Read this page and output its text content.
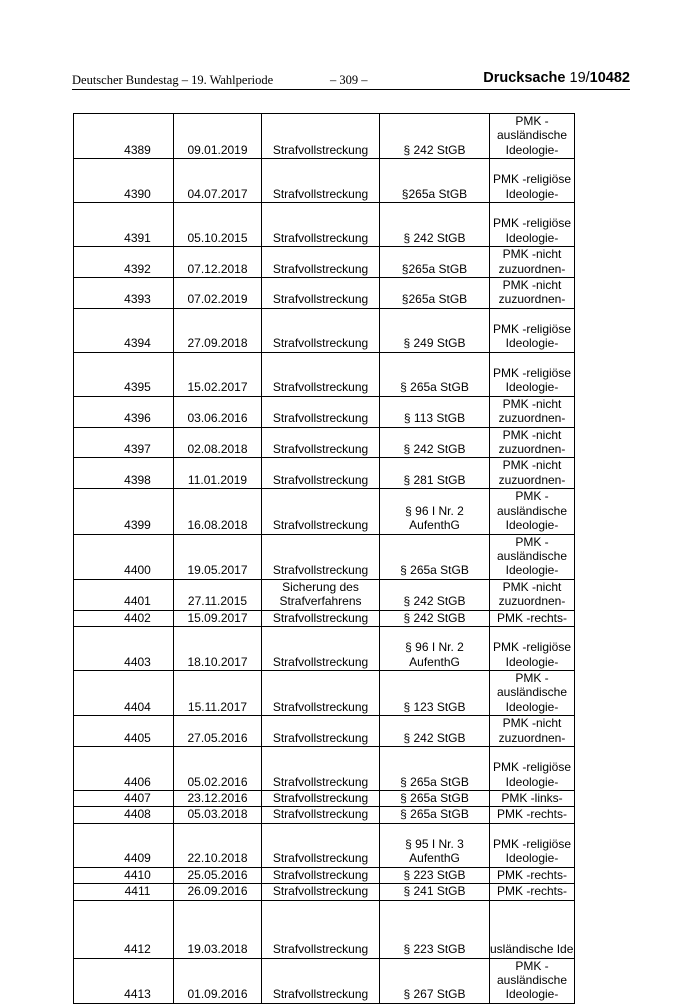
Deutscher Bundestag – 19. Wahlperiode	– 309 –	Drucksache 19/10482
4389	09.01.2019	Strafvollstreckung	§ 242 StGB	PMK -
ausländische
Ideologie-

4390	04.07.2017	Strafvollstreckung	§265a StGB	PMK -religiöse
Ideologie-

4391	05.10.2015	Strafvollstreckung	§ 242 StGB	PMK -religiöse
Ideologie-

4392	07.12.2018	Strafvollstreckung	§265a StGB	PMK -nicht
zuzuordnen-

4393	07.02.2019	Strafvollstreckung	§265a StGB	PMK -nicht
zuzuordnen-

4394	27.09.2018	Strafvollstreckung	§ 249 StGB	PMK -religiöse
Ideologie-

4395	15.02.2017	Strafvollstreckung	§ 265a StGB	PMK -religiöse
Ideologie-

4396	03.06.2016	Strafvollstreckung	§ 113 StGB	PMK -nicht
zuzuordnen-

4397	02.08.2018	Strafvollstreckung	§ 242 StGB	PMK -nicht
zuzuordnen-

4398	11.01.2019	Strafvollstreckung	§ 281 StGB	PMK -nicht
zuzuordnen-

4399	16.08.2018	Strafvollstreckung	§ 96 I Nr. 2
AufenthG	PMK -
ausländische
Ideologie-

4400	19.05.2017	Strafvollstreckung	§ 265a StGB	PMK -
ausländische
Ideologie-

4401	27.11.2015	Sicherung des
Strafverfahrens	§ 242 StGB	PMK -nicht
zuzuordnen-

4402	15.09.2017	Strafvollstreckung	§ 242 StGB	PMK -rechts-

4403	18.10.2017	Strafvollstreckung	§ 96 I Nr. 2
AufenthG	PMK -religiöse
Ideologie-

4404	15.11.2017	Strafvollstreckung	§ 123 StGB	PMK -
ausländische
Ideologie-

4405	27.05.2016	Strafvollstreckung	§ 242 StGB	PMK -nicht
zuzuordnen-

4406	05.02.2016	Strafvollstreckung	§ 265a StGB	PMK -religiöse
Ideologie-

4407	23.12.2016	Strafvollstreckung	§ 265a StGB	PMK -links-

4408	05.03.2018	Strafvollstreckung	§ 265a StGB	PMK -rechts-

4409	22.10.2018	Strafvollstreckung	§ 95 I Nr. 3
AufenthG	PMK -religiöse
Ideologie-

4410	25.05.2016	Strafvollstreckung	§ 223 StGB	PMK -rechts-

4411	26.09.2016	Strafvollstreckung	§ 241 StGB	PMK -rechts-

4412	19.03.2018	Strafvollstreckung	§ 223 StGB	usländische Ide

4413	01.09.2016	Strafvollstreckung	§ 267 StGB	PMK -
ausländische
Ideologie-
